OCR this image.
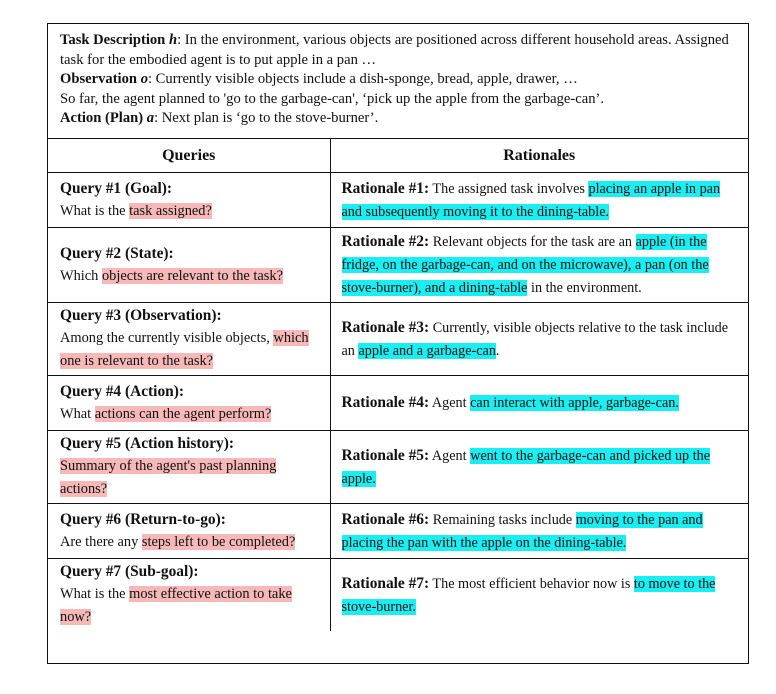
Task Description h: In the environment, various objects are positioned across different household areas. Assigned task for the embodied agent is to put apple in a pan …
Observation o: Currently visible objects include a dish-sponge, bread, apple, drawer, …
So far, the agent planned to 'go to the garbage-can', ‘pick up the apple from the garbage-can’.
Action (Plan) a: Next plan is ‘go to the stove-burner’.
Queries	Rationales

Query #1 (Goal):
What is the task assigned?	Rationale #1: The assigned task involves placing an apple in pan and subsequently moving it to the dining-table.

Query #2 (State):
Which objects are relevant to the task?	Rationale #2: Relevant objects for the task are an apple (in the fridge, on the garbage-can, and on the microwave), a pan (on the stove-burner), and a dining-table in the environment.

Query #3 (Observation):
Among the currently visible objects, which one is relevant to the task?	Rationale #3: Currently, visible objects relative to the task include an apple and a garbage-can.

Query #4 (Action):
What actions can the agent perform?	Rationale #4: Agent can interact with apple, garbage-can.

Query #5 (Action history):
Summary of the agent's past planning actions?	Rationale #5: Agent went to the garbage-can and picked up the apple.

Query #6 (Return-to-go):
Are there any steps left to be completed?	Rationale #6: Remaining tasks include moving to the pan and placing the pan with the apple on the dining-table.

Query #7 (Sub-goal):
What is the most effective action to take now?	Rationale #7: The most efficient behavior now is to move to the stove-burner.
